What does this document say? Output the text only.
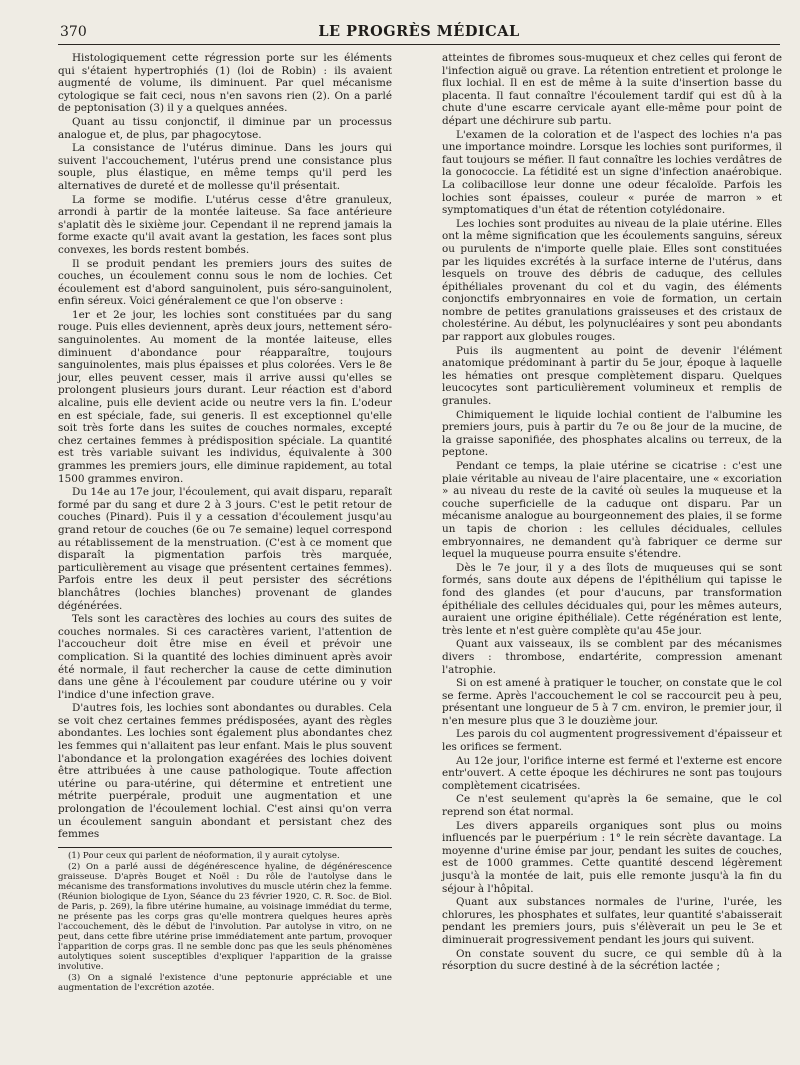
370	LE PROGRÈS MÉDICAL

Histologiquement cette régression porte sur les éléments qui s'étaient hypertrophiés (1) (loi de Robin) : ils avaient augmenté de volume, ils diminuent. Par quel mécanisme cytologique se fait ceci, nous n'en savons rien (2). On a parlé de peptonisation (3) il y a quelques années.

Quant au tissu conjonctif, il diminue par un processus analogue et, de plus, par phagocytose.

La consistance de l'utérus diminue. Dans les jours qui suivent l'accouchement, l'utérus prend une consistance plus souple, plus élastique, en même temps qu'il perd les alternatives de dureté et de mollesse qu'il présentait.

La forme se modifie. L'utérus cesse d'être granuleux, arrondi à partir de la montée laiteuse. Sa face antérieure s'aplatit dès le sixième jour. Cependant il ne reprend jamais la forme exacte qu'il avait avant la gestation, les faces sont plus convexes, les bords restent bombés.

Il se produit pendant les premiers jours des suites de couches, un écoulement connu sous le nom de lochies. Cet écoulement est d'abord sanguinolent, puis séro-sanguinolent, enfin séreux. Voici généralement ce que l'on observe :

1er et 2e jour, les lochies sont constituées par du sang rouge. Puis elles deviennent, après deux jours, nettement séro-sanguinolentes. Au moment de la montée laiteuse, elles diminuent d'abondance pour réapparaître, toujours sanguinolentes, mais plus épaisses et plus colorées. Vers le 8e jour, elles peuvent cesser, mais il arrive aussi qu'elles se prolongent plusieurs jours durant. Leur réaction est d'abord alcaline, puis elle devient acide ou neutre vers la fin. L'odeur en est spéciale, fade, sui generis. Il est exceptionnel qu'elle soit très forte dans les suites de couches normales, excepté chez certaines femmes à prédisposition spéciale. La quantité est très variable suivant les individus, équivalente à 300 grammes les premiers jours, elle diminue rapidement, au total 1500 grammes environ.

Du 14e au 17e jour, l'écoulement, qui avait disparu, reparaît formé par du sang et dure 2 à 3 jours. C'est le petit retour de couches (Pinard). Puis il y a cessation d'écoulement jusqu'au grand retour de couches (6e ou 7e semaine) lequel correspond au rétablissement de la menstruation. (C'est à ce moment que disparaît la pigmentation parfois très marquée, particulièrement au visage que présentent certaines femmes). Parfois entre les deux il peut persister des sécrétions blanchâtres (lochies blanches) provenant de glandes dégénérées.

Tels sont les caractères des lochies au cours des suites de couches normales. Si ces caractères varient, l'attention de l'accoucheur doit être mise en éveil et prévoir une complication. Si la quantité des lochies diminuent après avoir été normale, il faut rechercher la cause de cette diminution dans une gêne à l'écoulement par coudure utérine ou y voir l'indice d'une infection grave.

D'autres fois, les lochies sont abondantes ou durables. Cela se voit chez certaines femmes prédisposées, ayant des règles abondantes. Les lochies sont également plus abondantes chez les femmes qui n'allaitent pas leur enfant. Mais le plus souvent l'abondance et la prolongation exagérées des lochies doivent être attribuées à une cause pathologique. Toute affection utérine ou para-utérine, qui détermine et entretient une métrite puerpérale, produit une augmentation et une prolongation de l'écoulement lochial. C'est ainsi qu'on verra un écoulement sanguin abondant et persistant chez des femmes

(1) Pour ceux qui parlent de néoformation, il y aurait cytolyse.

(2) On a parlé aussi de dégénérescence hyaline, de dégénérescence graisseuse. D'après Bouget et Noël : Du rôle de l'autolyse dans le mécanisme des transformations involutives du muscle utérin chez la femme. (Réunion biologique de Lyon, Séance du 23 février 1920, C. R. Soc. de Biol. de Paris, p. 269), la fibre utérine humaine, au voisinage immédiat du terme, ne présente pas les corps gras qu'elle montrera quelques heures après l'accouchement, dès le début de l'involution. Par autolyse in vitro, on ne peut, dans cette fibre utérine prise immédiatement ante partum, provoquer l'apparition de corps gras. Il ne semble donc pas que les seuls phénomènes autolytiques soient susceptibles d'expliquer l'apparition de la graisse involutive.

(3) On a signalé l'existence d'une peptonurie appréciable et une augmentation de l'excrétion azotée.

atteintes de fibromes sous-muqueux et chez celles qui feront de l'infection aiguë ou grave. La rétention entretient et prolonge le flux lochial. Il en est de même à la suite d'insertion basse du placenta. Il faut connaître l'écoulement tardif qui est dû à la chute d'une escarre cervicale ayant elle-même pour point de départ une déchirure sub partu.

L'examen de la coloration et de l'aspect des lochies n'a pas une importance moindre. Lorsque les lochies sont puriformes, il faut toujours se méfier. Il faut connaître les lochies verdâtres de la gonococcie. La fétidité est un signe d'infection anaérobique. La colibacillose leur donne une odeur fécaloïde. Parfois les lochies sont épaisses, couleur « purée de marron » et symptomatiques d'un état de rétention cotylédonaire.

Les lochies sont produites au niveau de la plaie utérine. Elles ont la même signification que les écoulements sanguins, séreux ou purulents de n'importe quelle plaie. Elles sont constituées par les liquides excrétés à la surface interne de l'utérus, dans lesquels on trouve des débris de caduque, des cellules épithéliales provenant du col et du vagin, des éléments conjonctifs embryonnaires en voie de formation, un certain nombre de petites granulations graisseuses et des cristaux de cholestérine. Au début, les polynucléaires y sont peu abondants par rapport aux globules rouges.

Puis ils augmentent au point de devenir l'élément anatomique prédominant à partir du 5e jour, époque à laquelle les hématies ont presque complètement disparu. Quelques leucocytes sont particulièrement volumineux et remplis de granules.

Chimiquement le liquide lochial contient de l'albumine les premiers jours, puis à partir du 7e ou 8e jour de la mucine, de la graisse saponifiée, des phosphates alcalins ou terreux, de la peptone.

Pendant ce temps, la plaie utérine se cicatrise : c'est une plaie véritable au niveau de l'aire placentaire, une « excoriation » au niveau du reste de la cavité où seules la muqueuse et la couche superficielle de la caduque ont disparu. Par un mécanisme analogue au bourgeonnement des plaies, il se forme un tapis de chorion : les cellules déciduales, cellules embryonnaires, ne demandent qu'à fabriquer ce derme sur lequel la muqueuse pourra ensuite s'étendre.

Dès le 7e jour, il y a des îlots de muqueuses qui se sont formés, sans doute aux dépens de l'épithélium qui tapisse le fond des glandes (et pour d'aucuns, par transformation épithéliale des cellules déciduales qui, pour les mêmes auteurs, auraient une origine épithéliale). Cette régénération est lente, très lente et n'est guère complète qu'au 45e jour.

Quant aux vaisseaux, ils se comblent par des mécanismes divers : thrombose, endartérite, compression amenant l'atrophie.

Si on est amené à pratiquer le toucher, on constate que le col se ferme. Après l'accouchement le col se raccourcit peu à peu, présentant une longueur de 5 à 7 cm. environ, le premier jour, il n'en mesure plus que 3 le douzième jour.

Les parois du col augmentent progressivement d'épaisseur et les orifices se ferment.

Au 12e jour, l'orifice interne est fermé et l'externe est encore entr'ouvert. A cette époque les déchirures ne sont pas toujours complètement cicatrisées.

Ce n'est seulement qu'après la 6e semaine, que le col reprend son état normal.

Les divers appareils organiques sont plus ou moins influencés par le puerpérium : 1° le rein sécrète davantage. La moyenne d'urine émise par jour, pendant les suites de couches, est de 1000 grammes. Cette quantité descend légèrement jusqu'à la montée de lait, puis elle remonte jusqu'à la fin du séjour à l'hôpital.

Quant aux substances normales de l'urine, l'urée, les chlorures, les phosphates et sulfates, leur quantité s'abaisserait pendant les premiers jours, puis s'élèverait un peu le 3e et diminuerait progressivement pendant les jours qui suivent.

On constate souvent du sucre, ce qui semble dû à la résorption du sucre destiné à de la sécrétion lactée ;
